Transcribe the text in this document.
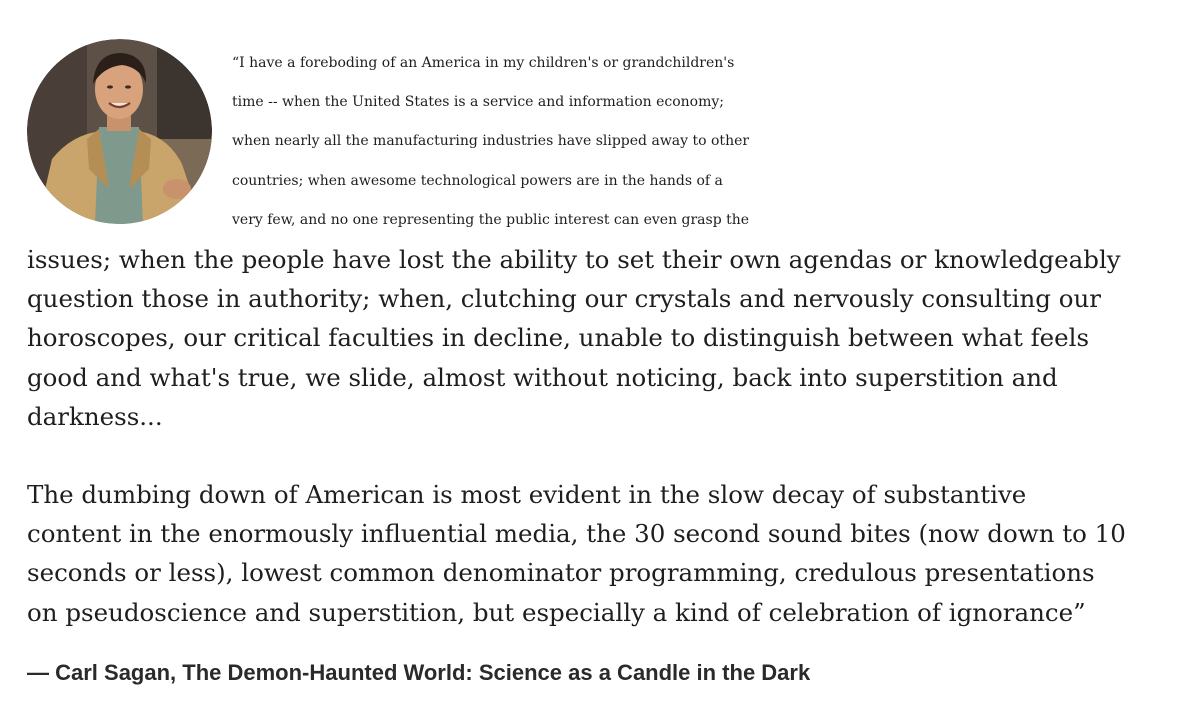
“I have a foreboding of an America in my children's or grandchildren's
time -- when the United States is a service and information economy;
when nearly all the manufacturing industries have slipped away to other
countries; when awesome technological powers are in the hands of a
very few, and no one representing the public interest can even grasp the
issues; when the people have lost the ability to set their own agendas or knowledgeably
question those in authority; when, clutching our crystals and nervously consulting our
horoscopes, our critical faculties in decline, unable to distinguish between what feels
good and what's true, we slide, almost without noticing, back into superstition and
darkness...

The dumbing down of American is most evident in the slow decay of substantive
content in the enormously influential media, the 30 second sound bites (now down to 10
seconds or less), lowest common denominator programming, credulous presentations
on pseudoscience and superstition, but especially a kind of celebration of ignorance”

— Carl Sagan, The Demon-Haunted World: Science as a Candle in the Dark
